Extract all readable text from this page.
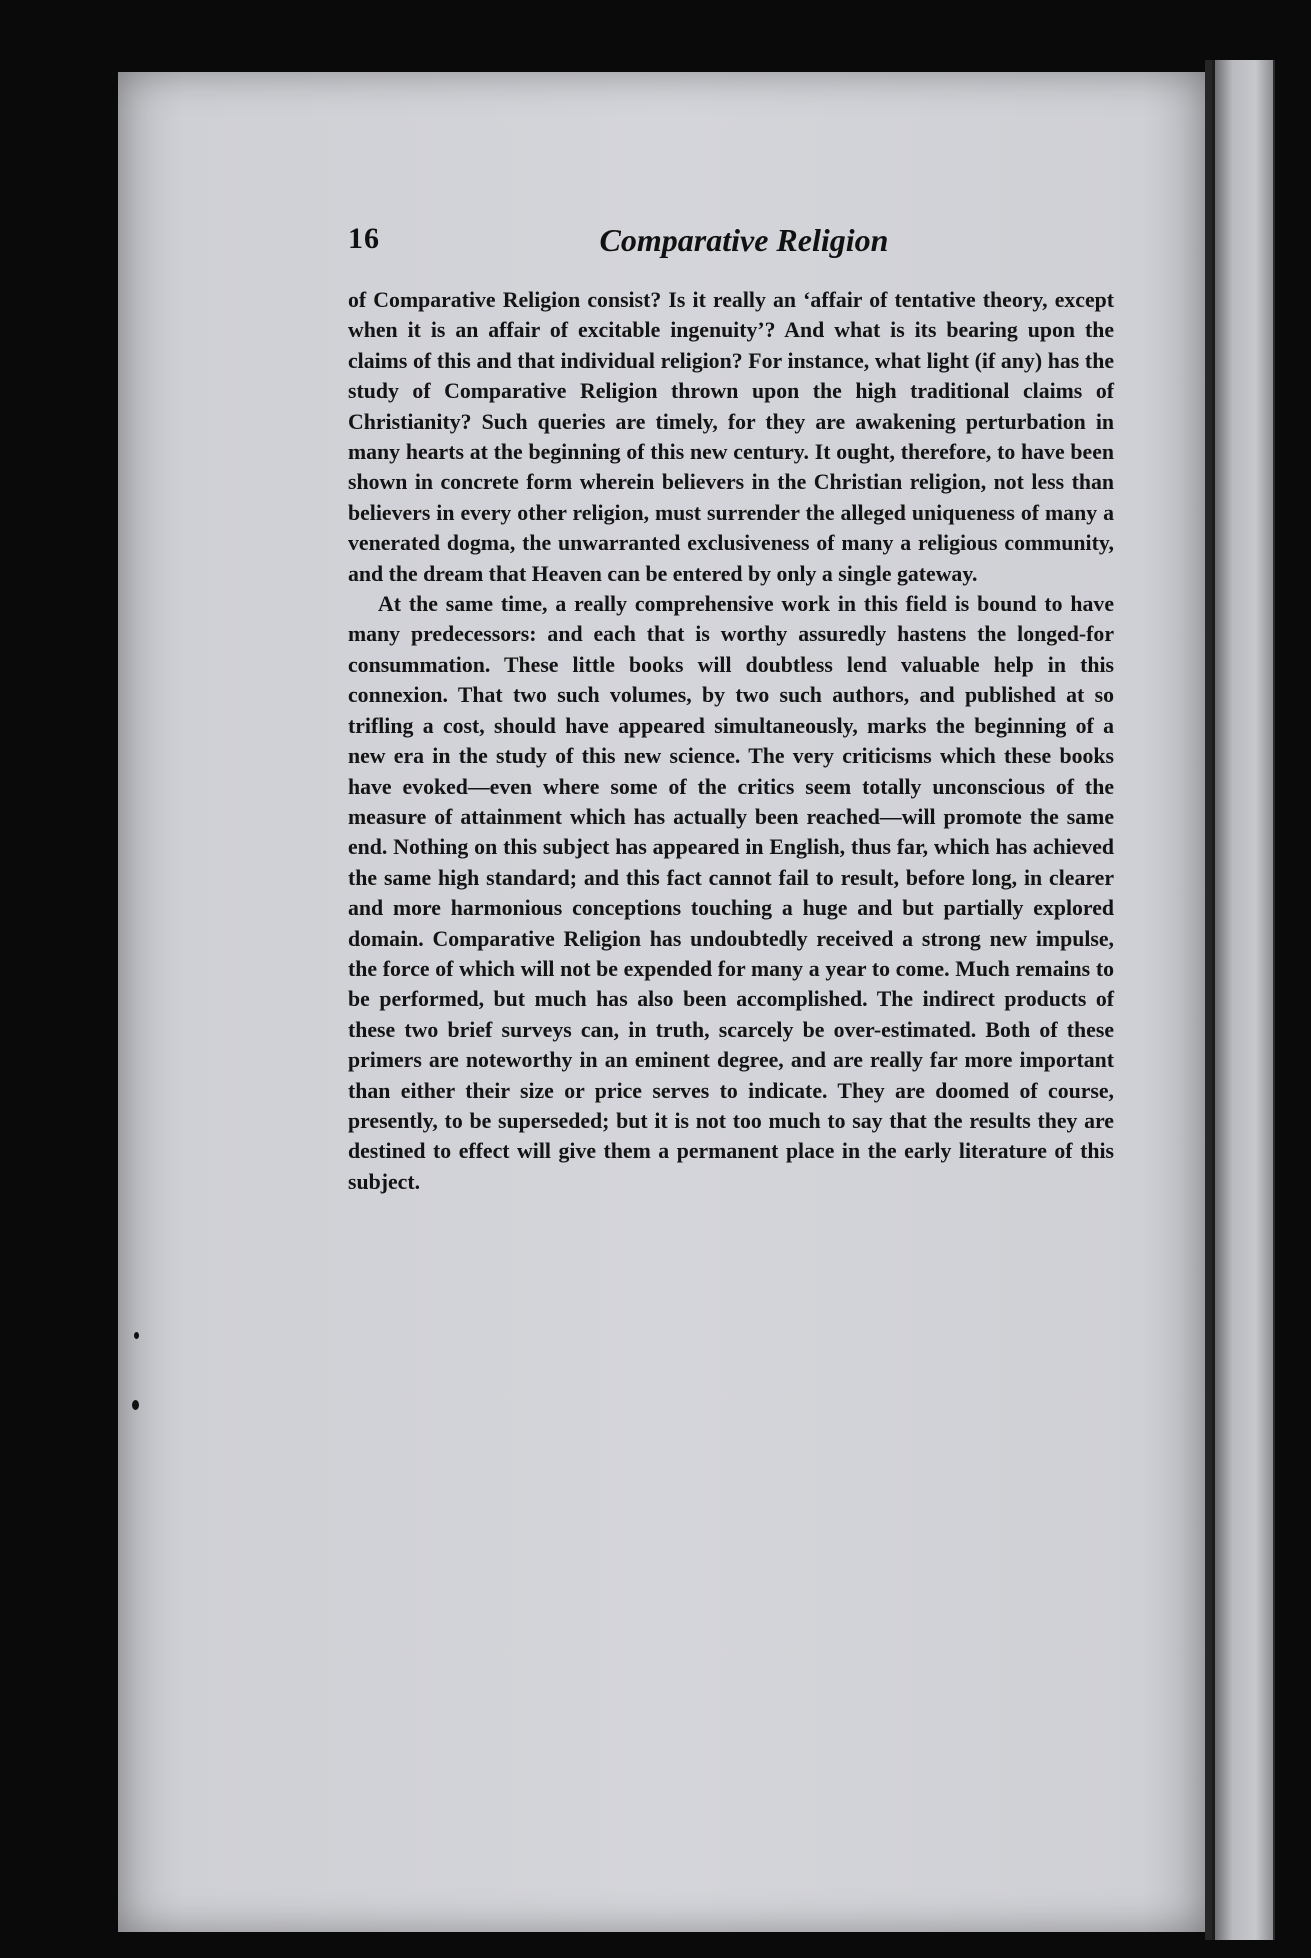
16	Comparative Religion

of Comparative Religion consist? Is it really an ‘affair of tentative theory, except when it is an affair of excitable ingenuity’? And what is its bearing upon the claims of this and that individual religion? For instance, what light (if any) has the study of Comparative Religion thrown upon the high traditional claims of Christianity? Such queries are timely, for they are awakening perturbation in many hearts at the beginning of this new century. It ought, therefore, to have been shown in concrete form wherein believers in the Christian religion, not less than believers in every other religion, must surrender the alleged uniqueness of many a venerated dogma, the unwarranted exclusiveness of many a religious community, and the dream that Heaven can be entered by only a single gateway.

At the same time, a really comprehensive work in this field is bound to have many predecessors: and each that is worthy assuredly hastens the longed-for consummation. These little books will doubtless lend valuable help in this connexion. That two such volumes, by two such authors, and published at so trifling a cost, should have appeared simultaneously, marks the beginning of a new era in the study of this new science. The very criticisms which these books have evoked—even where some of the critics seem totally unconscious of the measure of attainment which has actually been reached—will promote the same end. Nothing on this subject has appeared in English, thus far, which has achieved the same high standard; and this fact cannot fail to result, before long, in clearer and more harmonious conceptions touching a huge and but partially explored domain. Comparative Religion has undoubtedly received a strong new impulse, the force of which will not be expended for many a year to come. Much remains to be performed, but much has also been accomplished. The indirect products of these two brief surveys can, in truth, scarcely be over-estimated. Both of these primers are noteworthy in an eminent degree, and are really far more important than either their size or price serves to indicate. They are doomed of course, presently, to be superseded; but it is not too much to say that the results they are destined to effect will give them a permanent place in the early literature of this subject.
